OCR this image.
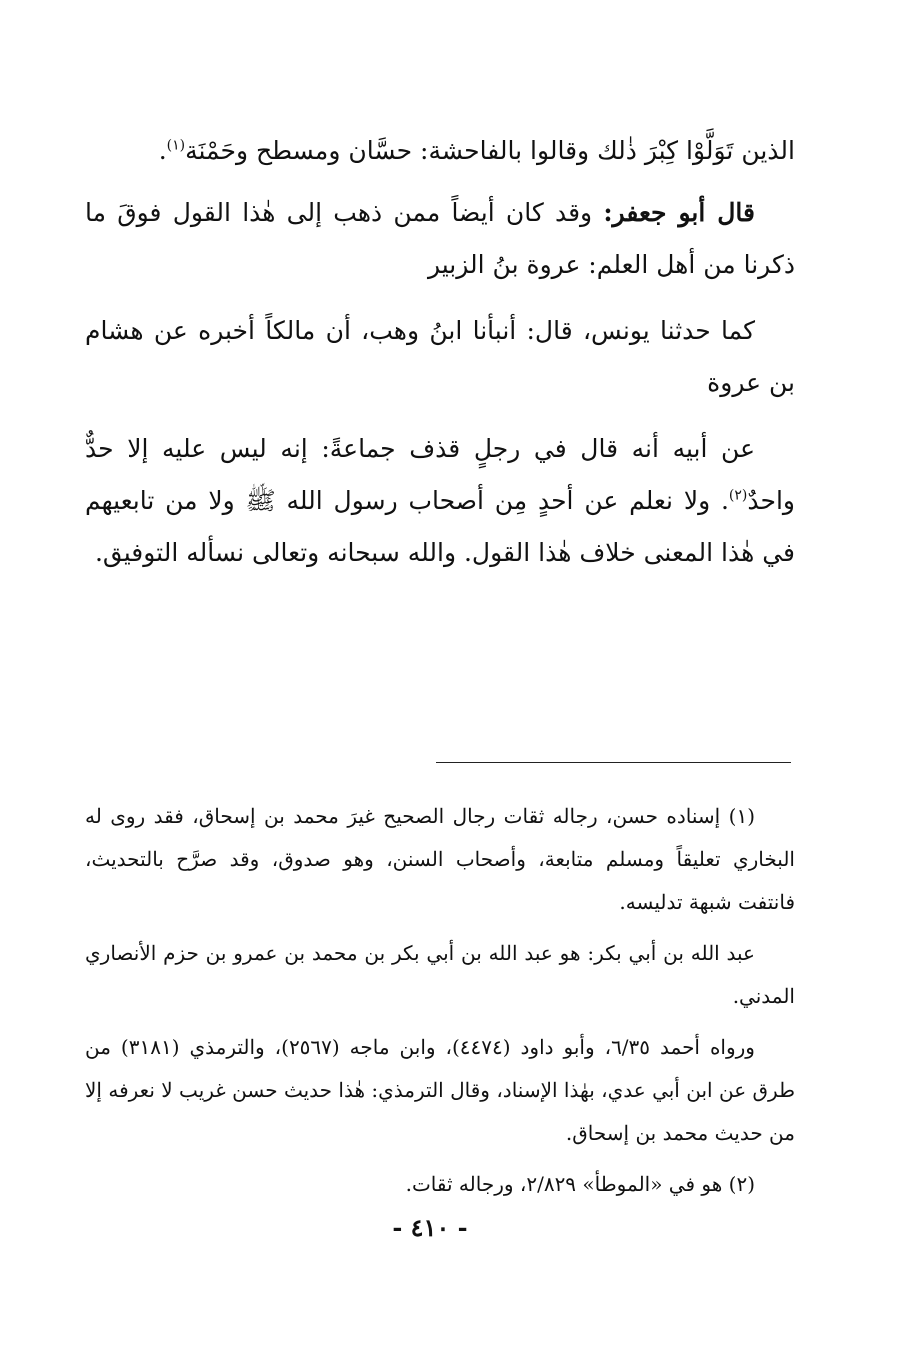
الذين تَوَلَّوْا كِبْرَ ذٰلك وقالوا بالفاحشة: حسَّان ومسطح وحَمْنَة$^{(١)}$.

قال أبو جعفر: وقد كان أيضاً ممن ذهب إلى هٰذا القول فوقَ ما ذكرنا من أهل العلم: عروة بنُ الزبير

كما حدثنا يونس، قال: أنبأنا ابنُ وهب، أن مالكاً أخبره عن هشام بن عروة

عن أبيه أنه قال في رجلٍ قذف جماعةً: إنه ليس عليه إلا حدٌّ واحدٌ$^{(٢)}$. ولا نعلم عن أحدٍ مِن أصحاب رسول الله ﷺ ولا من تابعيهم في هٰذا المعنى خلاف هٰذا القول. والله سبحانه وتعالى نسأله التوفيق.

(١) إسناده حسن، رجاله ثقات رجال الصحيح غيرَ محمد بن إسحاق، فقد روى له البخاري تعليقاً ومسلم متابعة، وأصحاب السنن، وهو صدوق، وقد صرَّح بالتحديث، فانتفت شبهة تدليسه.

عبد الله بن أبي بكر: هو عبد الله بن أبي بكر بن محمد بن عمرو بن حزم الأنصاري المدني.

ورواه أحمد ٦/٣٥، وأبو داود (٤٤٧٤)، وابن ماجه (٢٥٦٧)، والترمذي (٣١٨١) من طرق عن ابن أبي عدي، بهٰذا الإسناد، وقال الترمذي: هٰذا حديث حسن غريب لا نعرفه إلا من حديث محمد بن إسحاق.

(٢) هو في «الموطأ» ٢/٨٢٩، ورجاله ثقات.

- ٤١٠ -
